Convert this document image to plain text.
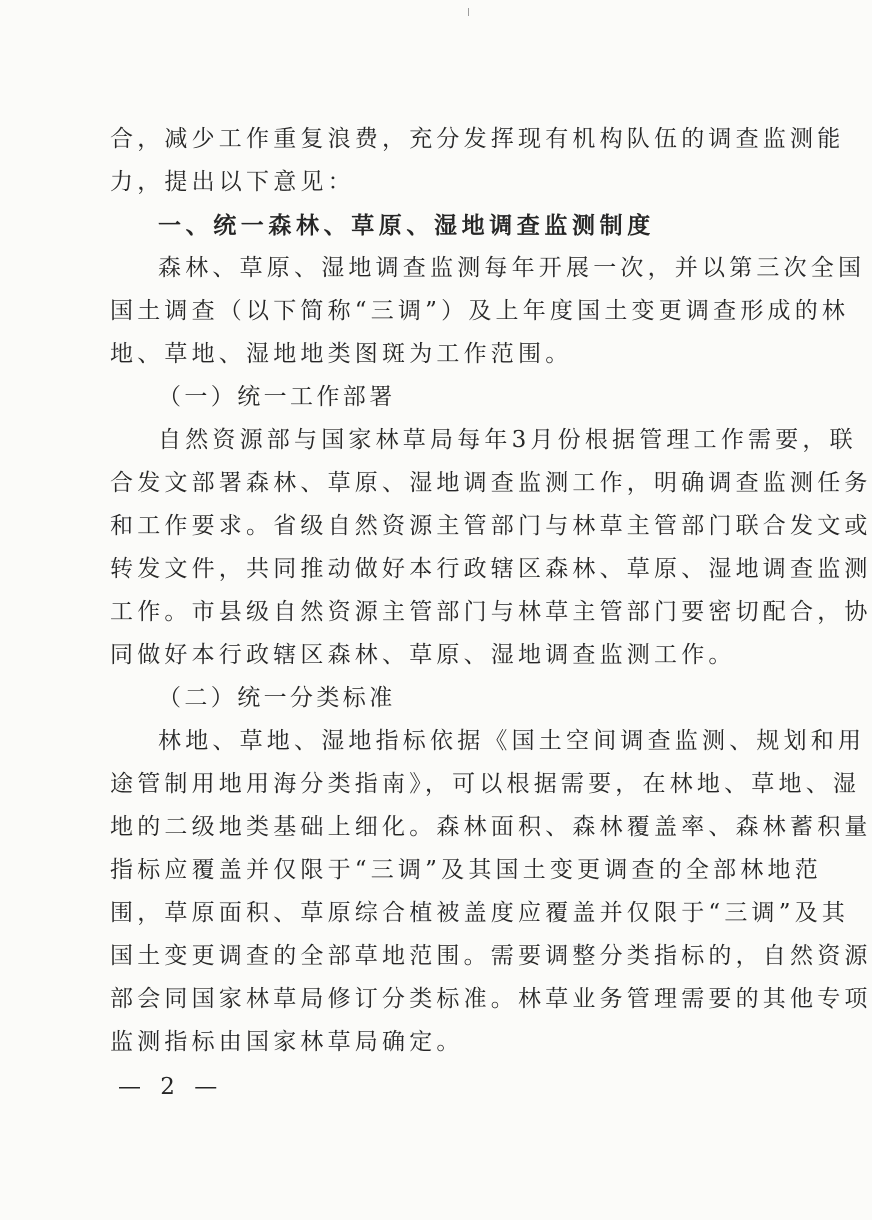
合，减少工作重复浪费，充分发挥现有机构队伍的调查监测能
力，提出以下意见：
一、统一森林、草原、湿地调查监测制度
森林、草原、湿地调查监测每年开展一次，并以第三次全国
国土调查（以下简称“三调”）及上年度国土变更调查形成的林
地、草地、湿地地类图斑为工作范围。
（一）统一工作部署
自然资源部与国家林草局每年3月份根据管理工作需要，联
合发文部署森林、草原、湿地调查监测工作，明确调查监测任务
和工作要求。省级自然资源主管部门与林草主管部门联合发文或
转发文件，共同推动做好本行政辖区森林、草原、湿地调查监测
工作。市县级自然资源主管部门与林草主管部门要密切配合，协
同做好本行政辖区森林、草原、湿地调查监测工作。
（二）统一分类标准
林地、草地、湿地指标依据《国土空间调查监测、规划和用
途管制用地用海分类指南》，可以根据需要，在林地、草地、湿
地的二级地类基础上细化。森林面积、森林覆盖率、森林蓄积量
指标应覆盖并仅限于“三调”及其国土变更调查的全部林地范
围，草原面积、草原综合植被盖度应覆盖并仅限于“三调”及其
国土变更调查的全部草地范围。需要调整分类指标的，自然资源
部会同国家林草局修订分类标准。林草业务管理需要的其他专项
监测指标由国家林草局确定。
— 2 —
